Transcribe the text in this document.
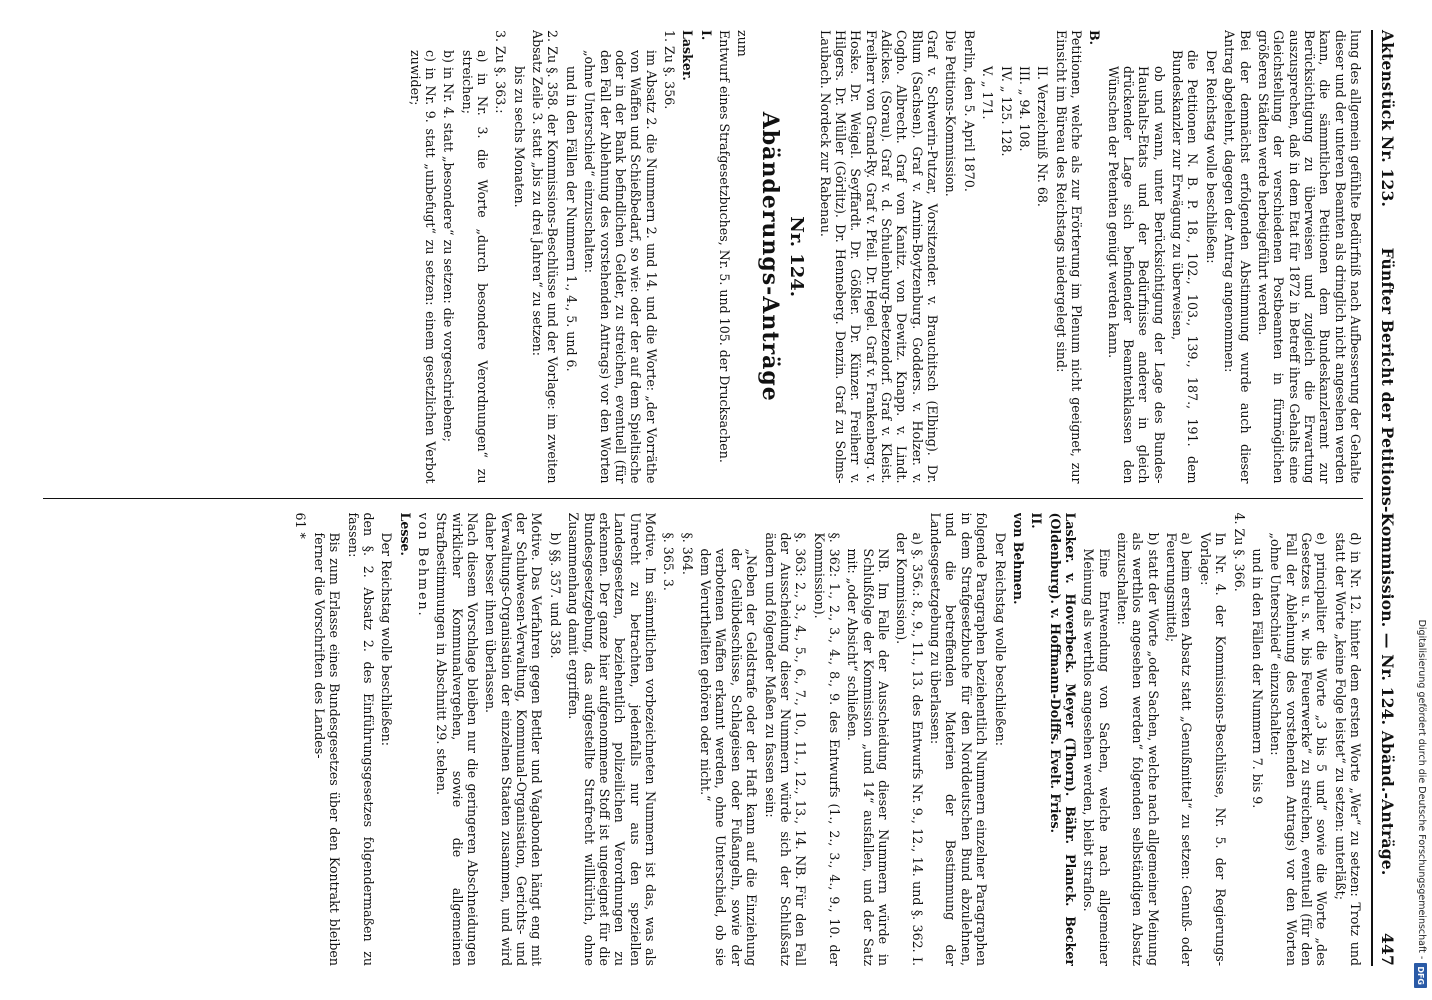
Aktenstück Nr. 123.
Fünfter Bericht der Petitions-Kommission. — Nr. 124. Abänd.-Anträge.
447

lung des allgemein gefühlte Bedürfniß nach Aufbesserung der Gehalte dieser und der unteren Beamten als dringlich nicht angesehen werden kann, die sämmtlichen Petitionen dem Bundeskanzleramt zur Berücksichtigung zu überweisen und zugleich die Erwartung auszusprechen, daß in dem Etat für 1872 in Betreff ihres Gehalts eine Gleichstellung der verschiedenen Postbeamten in fürmöglichen größeren Städten werde herbeigeführt werden.

Bei der demnächst erfolgenden Abstimmung wurde auch dieser Antrag abgelehnt, dagegen der Antrag angenommen:

Der Reichstag wolle beschließen:

die Petitionen N. B. P. 18., 102., 103., 139., 187., 191. dem Bundeskanzler zur Erwägung zu überweisen,

ob und wann, unter Berücksichtigung der Lage des Bundes-Haushalts-Etats und der Bedürfnisse anderer in gleich drückender Lage sich befindender Beamtenklassen den Wünschen der Petenten genügt werden kann.

B.

Petitionen, welche als zur Erörterung im Plenum nicht geeignet, zur Einsicht im Büreau des Reichstags niedergelegt sind:

II. Verzeichniß Nr. 68.

III. „ 94. 108.

IV. „ 125. 128.

V. „ 171.

Berlin, den 5. April 1870.

Die Petitions-Kommission.

Graf v. Schwerin-Putzar, Vorsitzender. v. Brauchitsch (Elbing). Dr. Blum (Sachsen). Graf v. Arnim-Boytzenburg. Godders. v. Holzer. v. Cogho. Albrecht. Graf von Kanitz. von Dewitz. Knapp. v. Lindt. Adickes. (Sorau). Graf v. d. Schulenburg-Beetzendorf. Graf v. Kleist. Freiherr von Grand-Ry. Graf v. Pfeil. Dr. Hegel. Graf v. Frankenberg. v. Hoske. Dr. Weigel. Seyffardt. Dr. Gößler. Dr. Künzer. Freiherr v. Hilgers. Dr. Müller (Görlitz). Dr. Henneberg. Denzin. Graf zu Solms-Laubach. Nordeck zur Rabenau.

Nr. 124.
Abänderungs-Anträge

zum

Entwurf eines Strafgesetzbuches, Nr. 5. und 105. der Drucksachen.

I.

Lasker.

1. Zu §. 356.

im Absatz 2. die Nummern 2. und 14. und die Worte: „der Vorräthe von Waffen und Schießbedarf, so wie: oder der auf dem Spieltische oder in der Bank befindlichen Gelder, zu streichen, eventuell (für den Fall der Ablehnung des vorstehenden Antrags) vor den Worten „ohne Unterschied“ einzuschalten:

und in den Fällen der Nummern 1., 4., 5. und 6.

2. Zu §. 358. der Kommissions-Beschlüsse und der Vorlage: im zweiten Absatz Zeile 3. statt „bis zu drei Jahren“ zu setzen:

bis zu sechs Monaten.

3. Zu §. 363.:

a) in Nr. 3. die Worte „durch besondere Verordnungen“ zu streichen;

b) in Nr. 4. statt „besondere“ zu setzen: die vorgeschriebene;

c) in Nr. 9. statt „unbefugt“ zu setzen: einem gesetzlichen Verbot zuwider;

d) in Nr. 12. hinter dem ersten Worte „Wer“ zu setzen: Trotz und statt der Worte „keine Folge leistet“ zu setzen: unterläßt;

e) principaliter die Worte „3 bis 5 und“ sowie die Worte „des Gesetzes u. s. w. bis Feuerwerke“ zu streichen, eventuell (für den Fall der Ablehnung des vorstehenden Antrags) vor den Worten „ohne Unterschied“ einzuschalten:

und in den Fällen der Nummern 7. bis 9.

4. Zu §. 366.

In Nr. 4. der Kommissions-Beschlüsse, Nr. 5. der Regierungs-Vorlage:

a) beim ersten Absatz statt „Genußmittel“ zu setzen: Genuß- oder Feuerungsmittel;

b) statt der Worte „oder Sachen, welche nach allgemeiner Meinung als werthlos angesehen werden“ folgenden selbständigen Absatz einzuschalten:

Eine Entwendung von Sachen, welche nach allgemeiner Meinung als werthlos angesehen werden, bleibt straflos.

Lasker. v. Hoverbeck. Meyer (Thorn). Bähr. Planck. Becker (Oldenburg). v. Hoffmann-Dolffs. Evelt. Fries.

II.

von Behmen.

Der Reichstag wolle beschließen:

folgende Paragraphen beziehentlich Nummern einzelner Paragraphen in dem Strafgesetzbuche für den Norddeutschen Bund abzulehnen, und die betreffenden Materien der Bestimmung der Landesgesetzgebung zu überlassen:

a) §. 356.: 8., 9., 11., 13. des Entwurfs Nr. 9., 12., 14. und §. 362. I. der Kommission).

NB. Im Falle der Ausscheidung dieser Nummern würde in Schlußfolge der Kommission „und 14“ ausfallen, und der Satz mit: „oder Absicht“ schließen.

§. 362: 1., 2., 3., 4., 8., 9. des Entwurfs (1., 2., 3., 4., 9., 10. der Kommission).

§. 363: 2., 3., 4., 5., 6., 7., 10., 11., 12., 13., 14. NB. Für den Fall der Ausscheidung dieser Nummern würde sich der Schlußsatz ändern und folgender Maßen zu fassen sein:

„Neben der Geldstrafe oder der Haft kann auf die Einziehung der Gelübdeschüsse, Schlageisen oder Fußangeln, sowie der verbotenen Waffen erkannt werden, ohne Unterschied, ob sie dem Verurtheilten gehören oder nicht.“

§. 364.

§. 365. 3.

Motive. Im sämmtlichen vorbezeichneten Nummern ist das, was als Unrecht zu betrachten, jedenfalls nur aus den speziellen Landesgesetzen, beziehentlich polizeilichen Verordnungen zu erkennen. Der ganze hier aufgenommene Stoff ist ungeeignet für die Bundesgesetzgebung, das aufgestellte Strafrecht willkürlich, ohne Zusammenhang damit ergriffen.

b) §§. 357. und 358.

Motive. Das Verfahren gegen Bettler und Vagabonden hängt eng mit der Schubwesen-Verwaltung, Kommunal-Organisation, Gerichts- und Verwaltungs-Organisation der einzelnen Staaten zusammen, und wird daher besser ihnen überlassen.

Nach diesem Vorschlage bleiben nur die geringeren Abschneidungen wirklicher Kommunalvergehen, sowie die allgemeinen Strafbestimmungen in Abschnitt 29. stehen.

von Behmen.

Lesse.

Der Reichstag wolle beschließen:

den §. 2. Absatz 2. des Einführungsgesetzes folgendermaßen zu fassen:

Bis zum Erlasse eines Bundesgesetzes über den Kontrakt bleiben ferner die Vorschriften des Landes-

61 *

Digitalisierung gefördert durch die Deutsche Forschungsgemeinschaft -
DFG
